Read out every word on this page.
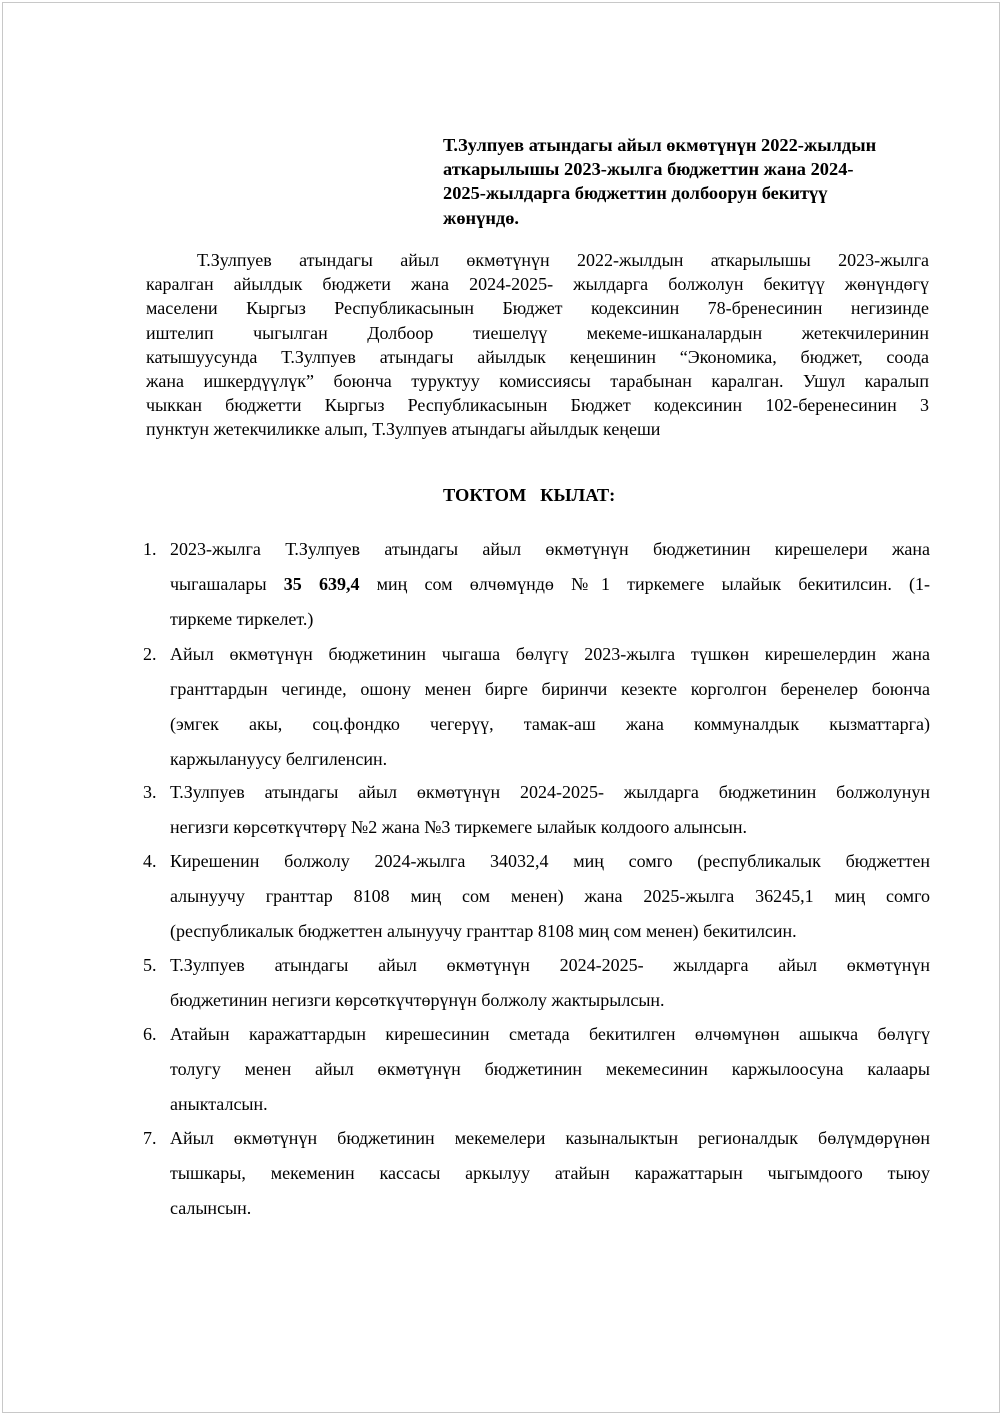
Т.Зулпуев атындагы айыл өкмөтүнүн 2022-жылдын
аткарылышы 2023-жылга бюджеттин жана 2024-
2025-жылдарга бюджеттин долбоорун бекитүү
жөнүндө.
Т.Зулпуев атындагы айыл өкмөтүнүн 2022-жылдын аткарылышы 2023-жылга
каралган айылдык бюджети жана 2024-2025- жылдарга болжолун бекитүү жөнүндөгү
маселени Кыргыз Республикасынын Бюджет кодексинин 78-бренесинин негизинде
иштелип чыгылган Долбоор тиешелүү мекеме-ишканалардын жетекчилеринин
катышуусунда Т.Зулпуев атындагы айылдык кеңешинин “Экономика, бюджет, соода
жана ишкердүүлүк” боюнча туруктуу комиссиясы тарабынан каралган. Ушул каралып
чыккан бюджетти Кыргыз Республикасынын Бюджет кодексинин 102-беренесинин 3
пунктун жетекчиликке алып, Т.Зулпуев атындагы айылдык кеңеши
ТОКТОМ   КЫЛАТ:
1. 2023-жылга Т.Зулпуев атындагы айыл өкмөтүнүн бюджетинин кирешелери жана
чыгашалары 35 639,4 миң сом өлчөмүндө №1 тиркемеге ылайык бекитилсин. (1-
тиркеме тиркелет.)
2. Айыл өкмөтүнүн бюджетинин чыгаша бөлүгү 2023-жылга түшкөн кирешелердин жана
гранттардын чегинде, ошону менен бирге биринчи кезекте корголгон беренелер боюнча
(эмгек акы, соц.фондко чегерүү, тамак-аш жана коммуналдык кызматтарга)
каржылануусу белгиленсин.
3. Т.Зулпуев атындагы айыл өкмөтүнүн 2024-2025- жылдарга бюджетинин болжолунун
негизги көрсөткүчтөрү №2 жана №3 тиркемеге ылайык колдоого алынсын.
4. Кирешенин болжолу 2024-жылга 34032,4 миң сомго (республикалык бюджеттен
алынуучу гранттар 8108 миң сом менен) жана 2025-жылга 36245,1 миң сомго
(республикалык бюджеттен алынуучу гранттар 8108 миң сом менен) бекитилсин.
5. Т.Зулпуев атындагы айыл өкмөтүнүн 2024-2025- жылдарга айыл өкмөтүнүн
бюджетинин негизги көрсөткүчтөрүнүн болжолу жактырылсын.
6. Атайын каражаттардын кирешесинин сметада бекитилген өлчөмүнөн ашыкча бөлүгү
толугу менен айыл өкмөтүнүн бюджетинин мекемесинин каржылоосуна калаары
аныкталсын.
7. Айыл өкмөтүнүн бюджетинин мекемелери казыналыктын регионалдык бөлүмдөрүнөн
тышкары, мекеменин кассасы аркылуу атайын каражаттарын чыгымдоого тыюу
салынсын.
